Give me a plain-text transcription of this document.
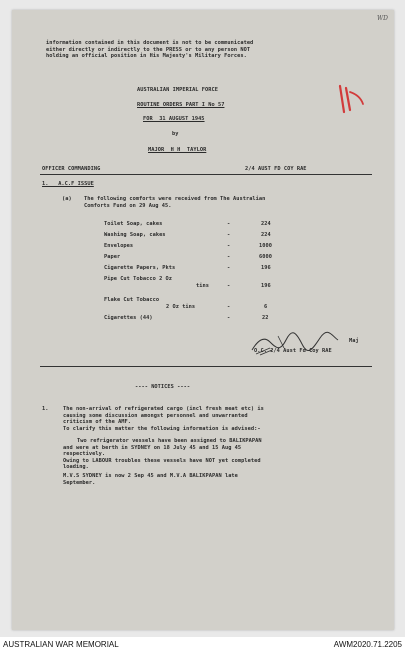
WD
information contained in this document is not to be communicated
either directly or indirectly to the PRESS or to any person NOT
holding an official position in His Majesty's Military Forces.
AUSTRALIAN IMPERIAL FORCE
ROUTINE ORDERS PART I No 57
FOR  31 AUGUST 1945
by
MAJOR  H H  TAYLOR
OFFICER COMMANDING	2/4 AUST FD COY RAE
1.   A.C.F ISSUE
(a) The following comforts were received from The Australian
Comforts Fund on 29 Aug 45.
Toilet Soap, cakes	-	224
Washing Soap, cakes	-	224
Envelopes	-	1000
Paper	-	6000
Cigarette Papers, Pkts	-	196
Pipe Cut Tobacco 2 Oz
tins	-	196
Flake Cut Tobacco
2 Oz tins	-	6
Cigarettes (44)	-	22
Maj
O.C. 2/4 Aust Fd Coy RAE
---- NOTICES ----
1.	The non-arrival of refrigerated cargo (incl fresh meat etc) is
causing some discussion amongst personnel and unwarranted
criticism of the AMF.
To clarify this matter the following information is advised:-
Two refrigerator vessels have been assigned to BALIKPAPAN
and were at berth in SYDNEY on 18 July 45 and 15 Aug 45
respectively.
Owing to LABOUR troubles these vessels have NOT yet completed
loading.
M.V.S SYDNEY is now 2 Sep 45 and M.V.A BALIKPAPAN late
September.
AUSTRALIAN WAR MEMORIAL	AWM2020.71.2205
